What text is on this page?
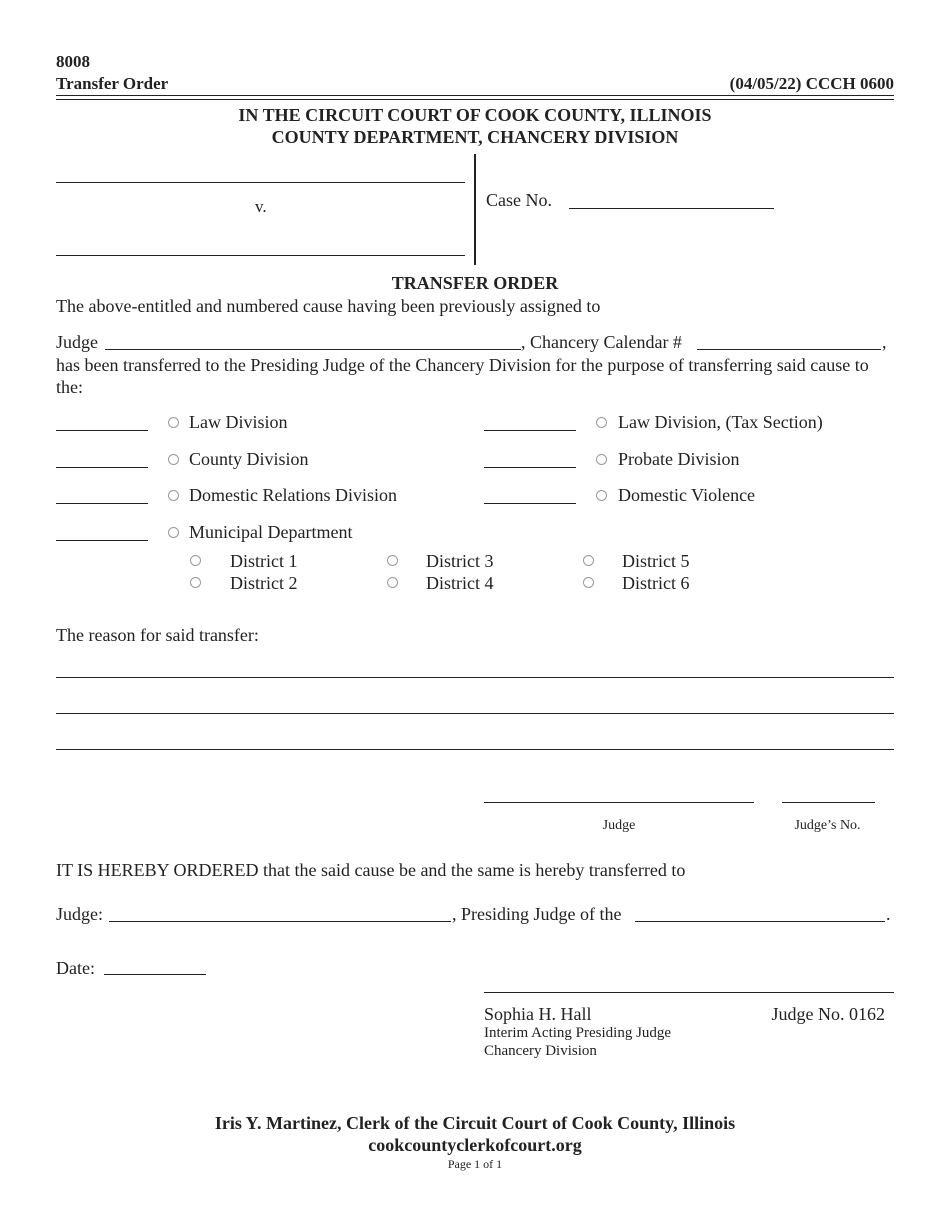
8008
Transfer Order	(04/05/22) CCCH 0600
IN THE CIRCUIT COURT OF COOK COUNTY, ILLINOIS
COUNTY DEPARTMENT, CHANCERY DIVISION
v.	Case No.
TRANSFER ORDER
The above-entitled and numbered cause having been previously assigned to
Judge	, Chancery Calendar #	,
has been transferred to the Presiding Judge of the Chancery Division for the purpose of transferring said cause to the:
Law Division
County Division
Domestic Relations Division
Municipal Department
Law Division, (Tax Section)
Probate Division
Domestic Violence
District 1
District 2
District 3
District 4
District 5
District 6
The reason for said transfer:
Judge	Judge’s No.
IT IS HEREBY ORDERED that the said cause be and the same is hereby transferred to
Judge:	, Presiding Judge of the	.
Date:
Sophia H. Hall	Judge No. 0162
Interim Acting Presiding Judge
Chancery Division
Iris Y. Martinez, Clerk of the Circuit Court of Cook County, Illinois
cookcountyclerkofcourt.org
Page 1 of 1
